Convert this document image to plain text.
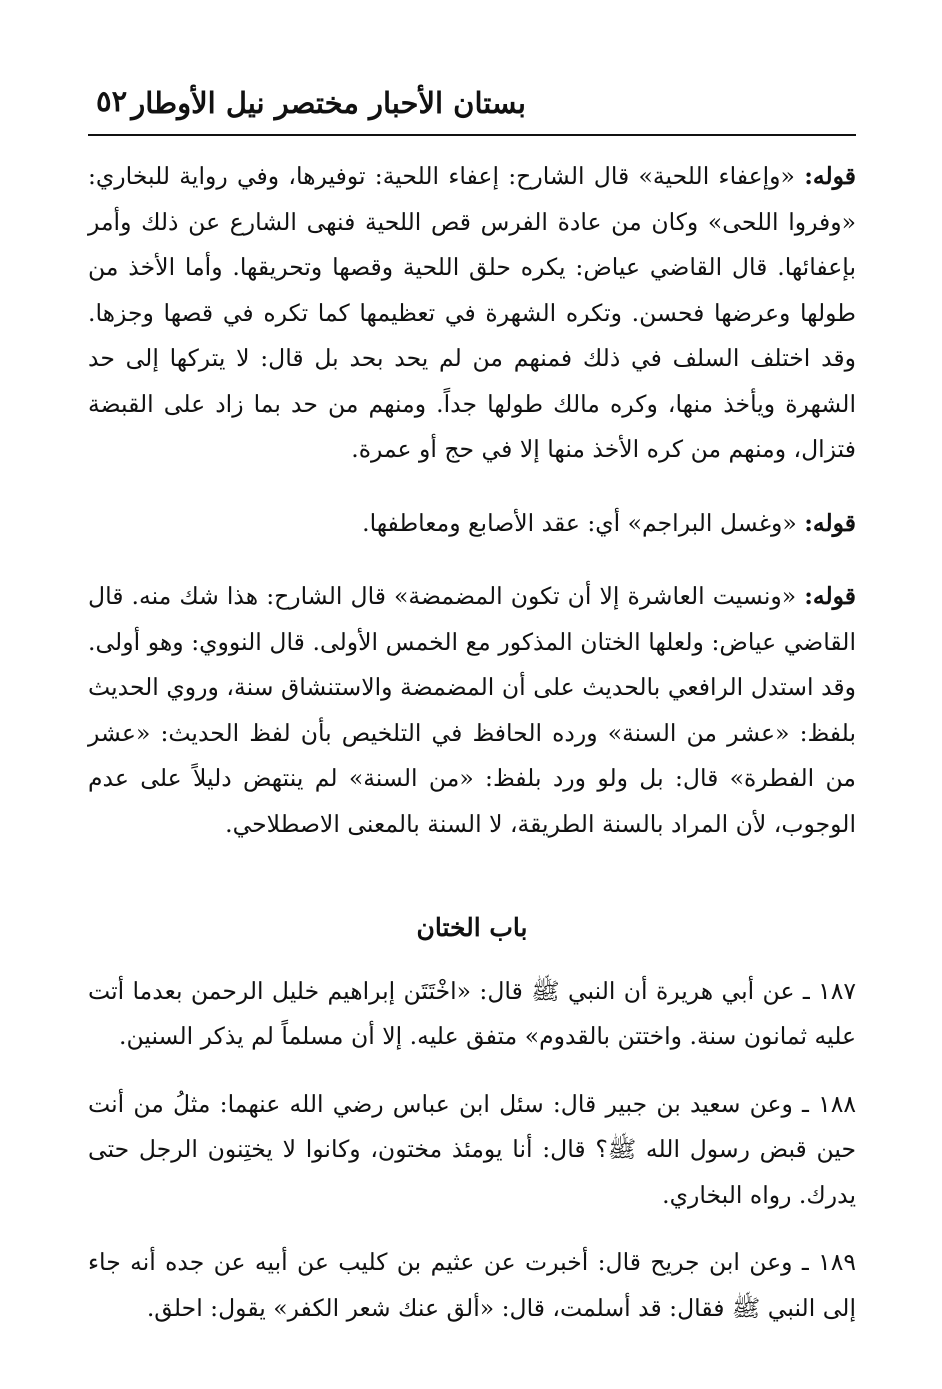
بستان الأحبار مختصر نيل الأوطار
٥٢

قوله: «وإعفاء اللحية» قال الشارح: إعفاء اللحية: توفيرها، وفي رواية للبخاري: «وفروا اللحى» وكان من عادة الفرس قص اللحية فنهى الشارع عن ذلك وأمر بإعفائها. قال القاضي عياض: يكره حلق اللحية وقصها وتحريقها. وأما الأخذ من طولها وعرضها فحسن. وتكره الشهرة في تعظيمها كما تكره في قصها وجزها. وقد اختلف السلف في ذلك فمنهم من لم يحد بحد بل قال: لا يتركها إلى حد الشهرة ويأخذ منها، وكره مالك طولها جداً. ومنهم من حد بما زاد على القبضة فتزال، ومنهم من كره الأخذ منها إلا في حج أو عمرة.

قوله: «وغسل البراجم» أي: عقد الأصابع ومعاطفها.

قوله: «ونسيت العاشرة إلا أن تكون المضمضة» قال الشارح: هذا شك منه. قال القاضي عياض: ولعلها الختان المذكور مع الخمس الأولى. قال النووي: وهو أولى. وقد استدل الرافعي بالحديث على أن المضمضة والاستنشاق سنة، وروي الحديث بلفظ: «عشر من السنة» ورده الحافظ في التلخيص بأن لفظ الحديث: «عشر من الفطرة» قال: بل ولو ورد بلفظ: «من السنة» لم ينتهض دليلاً على عدم الوجوب، لأن المراد بالسنة الطريقة، لا السنة بالمعنى الاصطلاحي.

باب الختان

١٨٧ ـ عن أبي هريرة أن النبي ﷺ قال: «اخْتَتَن إبراهيم خليل الرحمن بعدما أتت عليه ثمانون سنة. واختتن بالقدوم» متفق عليه. إلا أن مسلماً لم يذكر السنين.

١٨٨ ـ وعن سعيد بن جبير قال: سئل ابن عباس رضي الله عنهما: مثلُ من أنت حين قبض رسول الله ﷺ؟ قال: أنا يومئذ مختون، وكانوا لا يختِنون الرجل حتى يدرك. رواه البخاري.

١٨٩ ـ وعن ابن جريح قال: أخبرت عن عثيم بن كليب عن أبيه عن جده أنه جاء إلى النبي ﷺ فقال: قد أسلمت، قال: «ألق عنك شعر الكفر» يقول: احلق.
